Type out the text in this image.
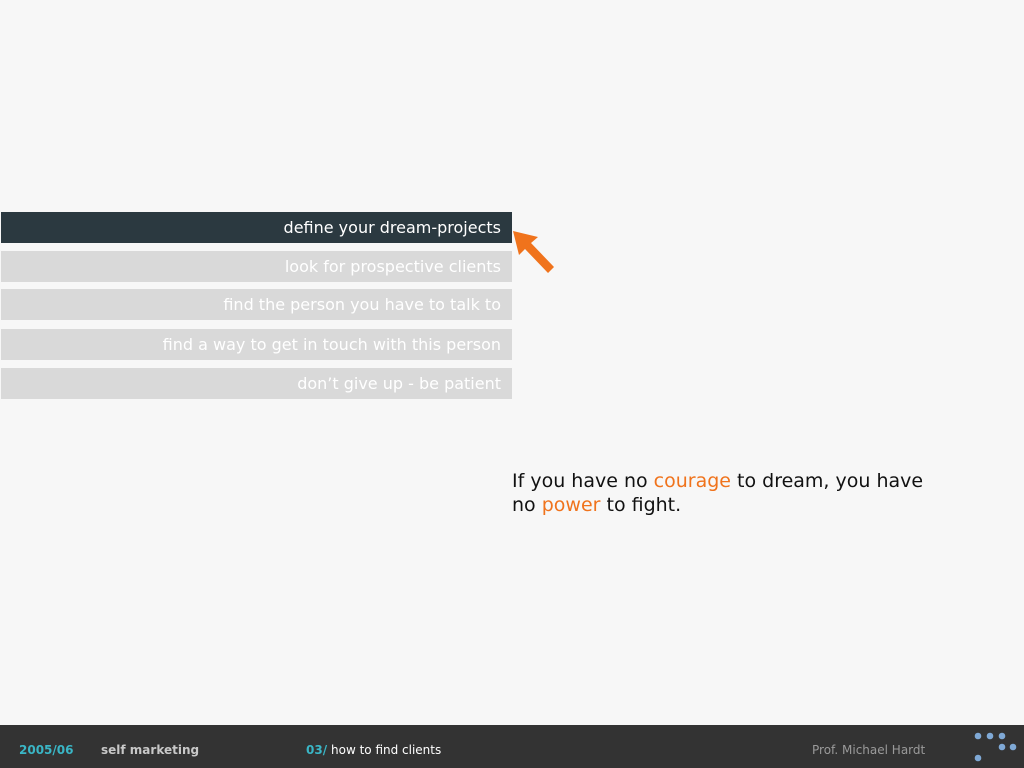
define your dream-projects
look for prospective clients
find the person you have to talk to
find a way to get in touch with this person
don’t give up - be patient
If you have no courage to dream, you have no power to fight.
2005/06 self marketing	03/ how to find clients	Prof. Michael Hardt
